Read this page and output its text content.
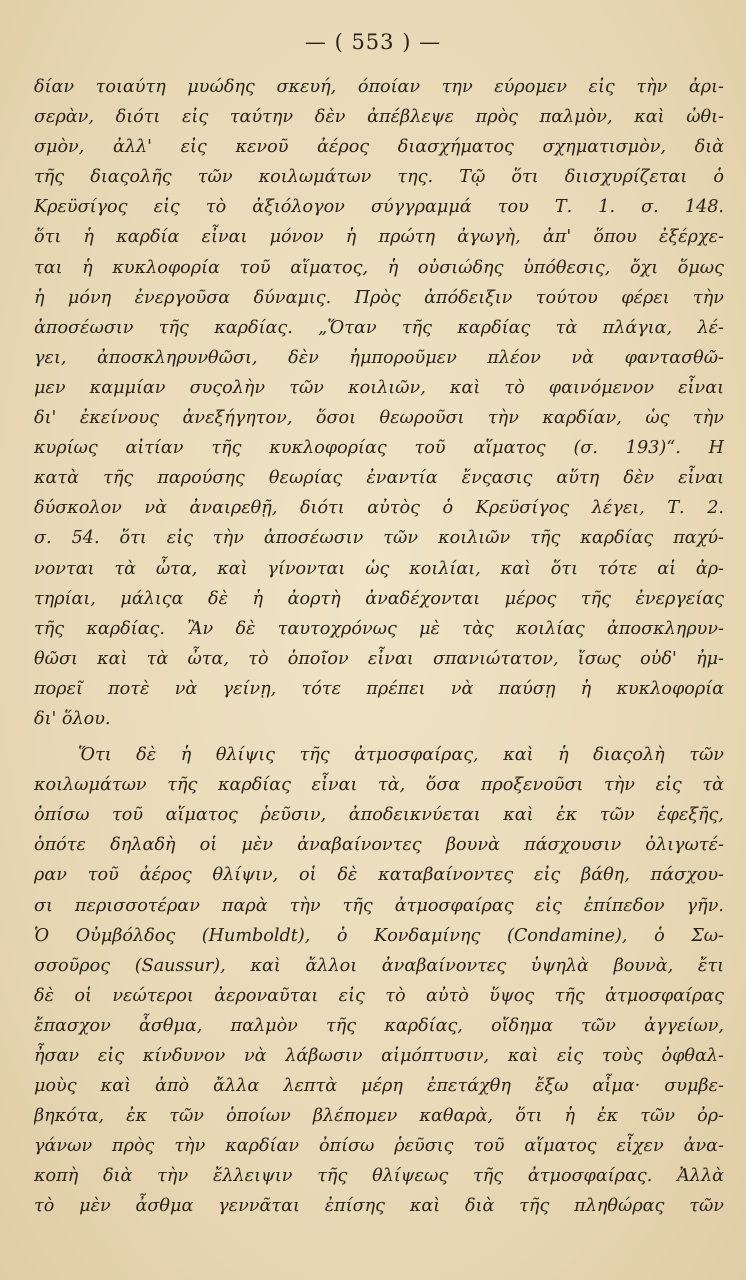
— ( 553 ) —
δίαν τοιαύτη μυώδης σκευή, όποίαν την εύρομεν εἰς τὴν ἀρι-
σερὰν, διότι εἰς ταύτην δὲν ἀπέβλεψε πρὸς παλμὸν, καὶ ὠθι-
σμὸν, ἀλλ' εἰς κενοῦ ἀέρος διασχήματος σχηματισμὸν, διὰ
τῆς διαςολῆς τῶν κοιλωμάτων της. Τῷ ὅτι διισχυρίζεται ὁ
Κρεϋσίγος εἰς τὸ ἀξιόλογον σύγγραμμά του Τ. 1. σ. 148.
ὅτι ἡ καρδία εἶναι μόνον ἡ πρώτη ἀγωγὴ, ἀπ' ὅπου ἐξέρχε-
ται ἡ κυκλοφορία τοῦ αἵματος, ἡ οὐσιώδης ὑπόθεσις, ὄχι ὅμως
ἡ μόνη ἐνεργοῦσα δύναμις. Πρὸς ἀπόδειξιν τούτου φέρει τὴν
ἀποσέωσιν τῆς καρδίας. „Ὅταν τῆς καρδίας τὰ πλάγια, λέ-
γει, ἀποσκληρυνθῶσι, δὲν ἠμποροῦμεν πλέον νὰ φαντασθῶ-
μεν καμμίαν συςολὴν τῶν κοιλιῶν, καὶ τὸ φαινόμενον εἶναι
δι' ἐκείνους ἀνεξήγητον, ὅσοι θεωροῦσι τὴν καρδίαν, ὡς τὴν
κυρίως αἰτίαν τῆς κυκλοφορίας τοῦ αἵματος (σ. 193)“. Η
κατὰ τῆς παρούσης θεωρίας ἐναντία ἔνςασις αὕτη δὲν εἶναι
δύσκολον νὰ ἀναιρεθῇ, διότι αὐτὸς ὁ Κρεϋσίγος λέγει, Τ. 2.
σ. 54. ὅτι εἰς τὴν ἀποσέωσιν τῶν κοιλιῶν τῆς καρδίας παχύ-
νονται τὰ ὦτα, καὶ γίνονται ὡς κοιλίαι, καὶ ὅτι τότε αἱ ἀρ-
τηρίαι, μάλιςα δὲ ἡ ἀορτὴ ἀναδέχονται μέρος τῆς ἐνεργείας
τῆς καρδίας. Ἂν δὲ ταυτοχρόνως μὲ τὰς κοιλίας ἀποσκληρυν-
θῶσι καὶ τὰ ὦτα, τὸ ὁποῖον εἶναι σπανιώτατον, ἴσως οὐδ' ἠμ-
πορεῖ ποτὲ νὰ γείνῃ, τότε πρέπει νὰ παύσῃ ἡ κυκλοφορία
δι' ὅλου.
Ὅτι δὲ ἡ θλίψις τῆς ἀτμοσφαίρας, καὶ ἡ διαςολὴ τῶν
κοιλωμάτων τῆς καρδίας εἶναι τὰ, ὅσα προξενοῦσι τὴν εἰς τὰ
ὀπίσω τοῦ αἵματος ῥεῦσιν, ἀποδεικνύεται καὶ ἐκ τῶν ἑφεξῆς,
ὁπότε δηλαδὴ οἱ μὲν ἀναβαίνοντες βουνὰ πάσχουσιν ὀλιγωτέ-
ραν τοῦ ἀέρος θλίψιν, οἱ δὲ καταβαίνοντες εἰς βάθη, πάσχου-
σι περισσοτέραν παρὰ τὴν τῆς ἀτμοσφαίρας εἰς ἐπίπεδον γῆν.
Ὁ Οὐμβόλδος (Humboldt), ὁ Κονδαμίνης (Condamine), ὁ Σω-
σσοῦρος (Saussur), καὶ ἄλλοι ἀναβαίνοντες ὑψηλὰ βουνὰ, ἔτι
δὲ οἱ νεώτεροι ἀεροναῦται εἰς τὸ αὐτὸ ὕψος τῆς ἀτμοσφαίρας
ἔπασχον ἆσθμα, παλμὸν τῆς καρδίας, οἴδημα τῶν ἀγγείων,
ἦσαν εἰς κίνδυνον νὰ λάβωσιν αἱμόπτυσιν, καὶ εἰς τοὺς ὀφθαλ-
μοὺς καὶ ἀπὸ ἄλλα λεπτὰ μέρη ἐπετάχθη ἔξω αἷμα· συμβε-
βηκότα, ἐκ τῶν ὁποίων βλέπομεν καθαρὰ, ὅτι ἡ ἐκ τῶν ὀρ-
γάνων πρὸς τὴν καρδίαν ὀπίσω ῥεῦσις τοῦ αἵματος εἶχεν ἀνα-
κοπὴ διὰ τὴν ἔλλειψιν τῆς θλίψεως τῆς ἀτμοσφαίρας. Ἀλλὰ
τὸ μὲν ἆσθμα γεννᾶται ἐπίσης καὶ διὰ τῆς πληθώρας τῶν
